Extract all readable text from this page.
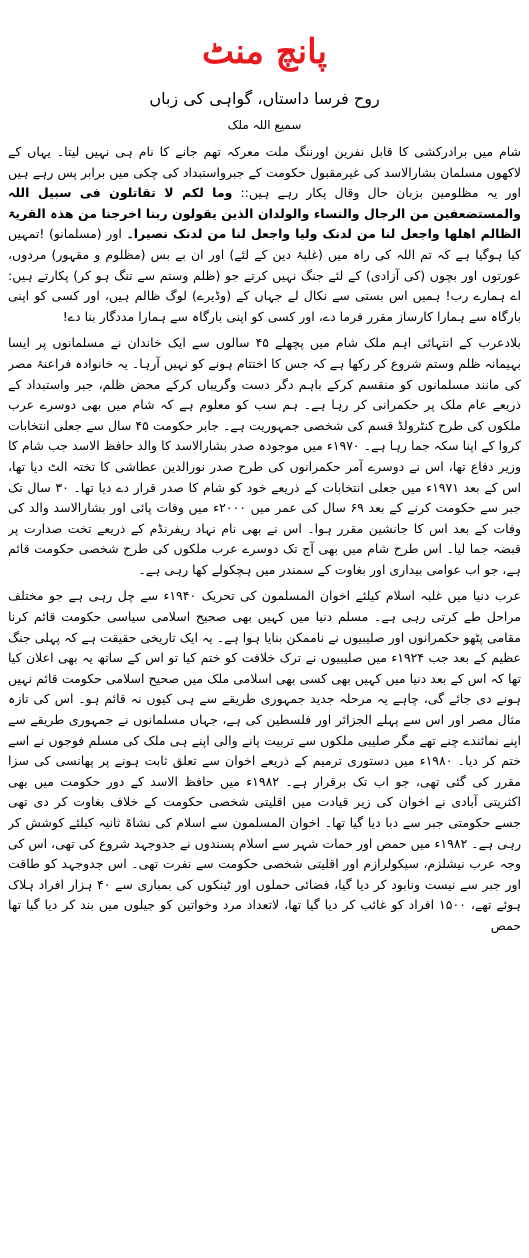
پانچ منٹ
روح فرسا داستاں، گواہی کی زباں
سمیع اللہ ملک

شام میں برادرکشی کا قابل نفرین اورننگ ملت معرکہ تھم جانے کا نام ہی نہیں لیتا۔ یہاں کے لاکھوں مسلمان بشارالاسد کی غیرمقبول حکومت کے جبرواستبداد کی چکی میں برابر پس رہے ہیں اور یہ مظلومین بزبان حال وقال پکار رہے ہیں:: وما لکم لا تقاتلون فی سبیل اللہ والمستضعفین من الرجال والنساء والولدان الذین یقولون ربنا اخرجنا من ھذہ القریۃ الظالم اھلھا واجعل لنا من لدنک ولیا واجعل لنا من لدنک نصیرا۔ اور (مسلمانو) !تمہیں کیا ہوگیا ہے کہ تم اللہ کی راہ میں (غلبۂ دین کے لئے) اور ان بے بس (مظلوم و مقہور) مردوں، عورتوں اور بچوں (کی آزادی) کے لئے جنگ نہیں کرتے جو (ظلم وستم سے تنگ ہو کر) پکارتے ہیں: اے ہمارے رب! ہمیں اس بستی سے نکال لے جہاں کے (وڈیرے) لوگ ظالم ہیں، اور کسی کو اپنی بارگاہ سے ہمارا کارساز مقرر فرما دے، اور کسی کو اپنی بارگاہ سے ہمارا مددگار بنا دے!

بلادعرب کے انتہائی اہم ملک شام میں پچھلے ۴۵ سالوں سے ایک خاندان نے مسلمانوں پر ایسا بہیمانہ ظلم وستم شروع کر رکھا ہے کہ جس کا اختتام ہونے کو نہیں آرہا۔ یہ خانوادہ فراعنۂ مصر کی مانند مسلمانوں کو منقسم کرکے باہم دگر دست وگریباں کرکے محض ظلم، جبر واستبداد کے ذریعے عام ملک پر حکمرانی کر رہا ہے۔ ہم سب کو معلوم ہے کہ شام میں بھی دوسرے عرب ملکوں کی طرح کنٹرولڈ قسم کی شخصی جمہوریت ہے۔ جابر حکومت ۴۵ سال سے جعلی انتخابات کروا کے اپنا سکہ جما رہا ہے۔ ۱۹۷۰ء میں موجودہ صدر بشارالاسد کا والد حافظ الاسد جب شام کا وزیر دفاع تھا، اس نے دوسرے آمر حکمرانوں کی طرح صدر نورالدین عطاشی کا تختہ الٹ دیا تھا، اس کے بعد ۱۹۷۱ء میں جعلی انتخابات کے ذریعے خود کو شام کا صدر قرار دے دیا تھا۔ ۳۰ سال تک جبر سے حکومت کرنے کے بعد ۶۹ سال کی عمر میں ۲۰۰۰ء میں وفات پائی اور بشارالاسد والد کی وفات کے بعد اس کا جانشین مقرر ہوا۔ اس نے بھی نام نہاد ریفرنڈم کے ذریعے تخت صدارت پر قبضہ جما لیا۔ اس طرح شام میں بھی آج تک دوسرے عرب ملکوں کی طرح شخصی حکومت قائم ہے، جو اب عوامی بیداری اور بغاوت کے سمندر میں ہچکولے کھا رہی ہے۔

عرب دنیا میں غلبہ اسلام کیلئے اخوان المسلمون کی تحریک ۱۹۴۰ء سے چل رہی ہے جو مختلف مراحل طے کرتی رہی ہے۔ مسلم دنیا میں کہیں بھی صحیح اسلامی سیاسی حکومت قائم کرنا مقامی پٹھو حکمرانوں اور صلیبیوں نے ناممکن بنایا ہوا ہے۔ یہ ایک تاریخی حقیقت ہے کہ پہلی جنگ عظیم کے بعد جب ۱۹۲۴ء میں صلیبیوں نے ترک خلافت کو ختم کیا تو اس کے ساتھ یہ بھی اعلان کیا تھا کہ اس کے بعد دنیا میں کہیں بھی کسی بھی اسلامی ملک میں صحیح اسلامی حکومت قائم نہیں ہونے دی جائے گی، چاہے یہ مرحلہ جدید جمہوری طریقے سے ہی کیوں نہ قائم ہو۔ اس کی تازہ مثال مصر اور اس سے پہلے الجزائر اور فلسطین کی ہے، جہاں مسلمانوں نے جمہوری طریقے سے اپنے نمائندے چنے تھے مگر صلیبی ملکوں سے تربیت پانے والی اپنے ہی ملک کی مسلم فوجوں نے اسے ختم کر دیا۔ ۱۹۸۰ء میں دستوری ترمیم کے ذریعے اخوان سے تعلق ثابت ہونے پر پھانسی کی سزا مقرر کی گئی تھی، جو اب تک برقرار ہے۔ ۱۹۸۲ء میں حافظ الاسد کے دور حکومت میں بھی اکثریتی آبادی نے اخوان کی زیر قیادت میں اقلیتی شخصی حکومت کے خلاف بغاوت کر دی تھی جسے حکومتی جبر سے دبا دیا گیا تھا۔ اخوان المسلمون سے اسلام کی نشاۃ ثانیہ کیلئے کوشش کر رہی ہے۔ ۱۹۸۲ء میں حمص اور حمات شہر سے اسلام پسندوں نے جدوجہد شروع کی تھی، اس کی وجہ عرب نیشلزم، سیکولرازم اور اقلیتی شخصی حکومت سے نفرت تھی۔ اس جدوجہد کو طاقت اور جبر سے نیست ونابود کر دیا گیا، فضائی حملوں اور ٹینکوں کی بمباری سے ۴۰ ہزار افراد ہلاک ہوئے تھے، ۱۵۰۰ افراد کو غائب کر دیا گیا تھا، لاتعداد مرد وخواتین کو جیلوں میں بند کر دیا گیا تھا حمص
